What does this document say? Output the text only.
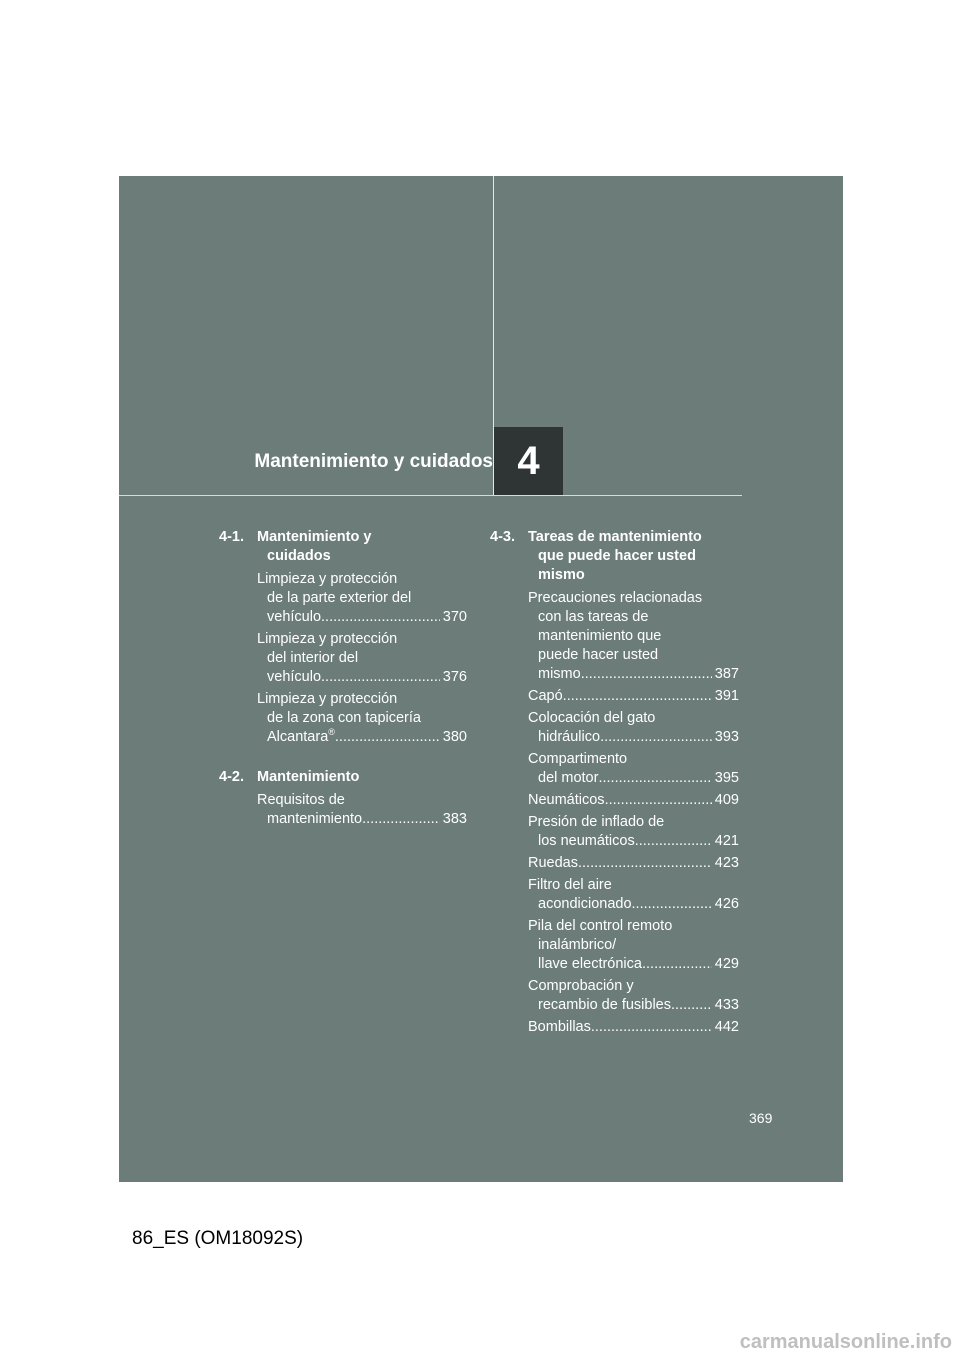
Mantenimiento y cuidados 4
4-1. Mantenimiento y
cuidados
Limpieza y protección
de la parte exterior del
vehículo .....	370
Limpieza y protección
del interior del
vehículo .....	376
Limpieza y protección
de la zona con tapicería
Alcantara® .....	380
4-2. Mantenimiento
Requisitos de
mantenimiento .....	383
4-3. Tareas de mantenimiento
que puede hacer usted
mismo
Precauciones relacionadas
con las tareas de
mantenimiento que
puede hacer usted
mismo .....	387
Capó .....	391
Colocación del gato
hidráulico .....	393
Compartimento
del motor .....	395
Neumáticos .....	409
Presión de inflado de
los neumáticos .....	421
Ruedas .....	423
Filtro del aire
acondicionado .....	426
Pila del control remoto
inalámbrico/
llave electrónica .....	429
Comprobación y
recambio de fusibles .....	433
Bombillas .....	442
369
86_ES (OM18092S)
carmanualsonline.info
